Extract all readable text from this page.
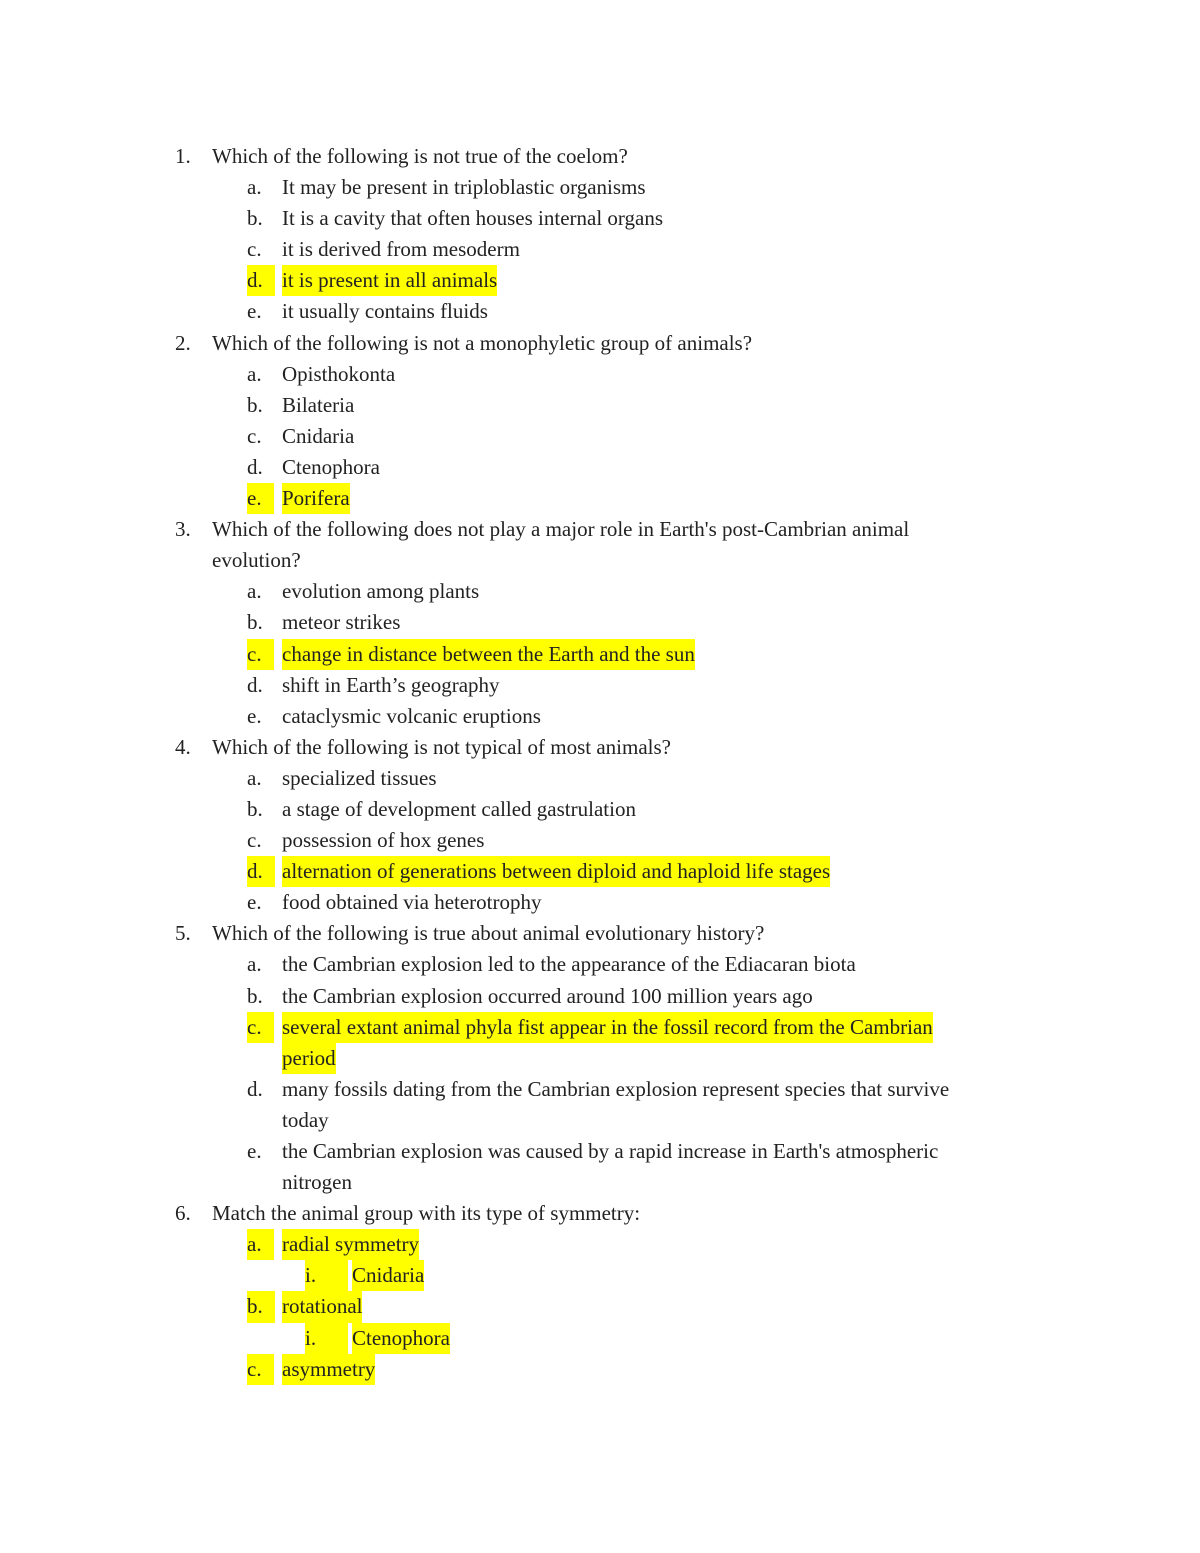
1. Which of the following is not true of the coelom?
a. It may be present in triploblastic organisms
b. It is a cavity that often houses internal organs
c. it is derived from mesoderm
d. it is present in all animals
e. it usually contains fluids
2. Which of the following is not a monophyletic group of animals?
a. Opisthokonta
b. Bilateria
c. Cnidaria
d. Ctenophora
e. Porifera
3. Which of the following does not play a major role in Earth's post-Cambrian animal
evolution?
a. evolution among plants
b. meteor strikes
c. change in distance between the Earth and the sun
d. shift in Earth’s geography
e. cataclysmic volcanic eruptions
4. Which of the following is not typical of most animals?
a. specialized tissues
b. a stage of development called gastrulation
c. possession of hox genes
d. alternation of generations between diploid and haploid life stages
e. food obtained via heterotrophy
5. Which of the following is true about animal evolutionary history?
a. the Cambrian explosion led to the appearance of the Ediacaran biota
b. the Cambrian explosion occurred around 100 million years ago
c. several extant animal phyla fist appear in the fossil record from the Cambrian
period
d. many fossils dating from the Cambrian explosion represent species that survive
today
e. the Cambrian explosion was caused by a rapid increase in Earth's atmospheric
nitrogen
6. Match the animal group with its type of symmetry:
a. radial symmetry
i.	Cnidaria
b. rotational
i.	Ctenophora
c. asymmetry
